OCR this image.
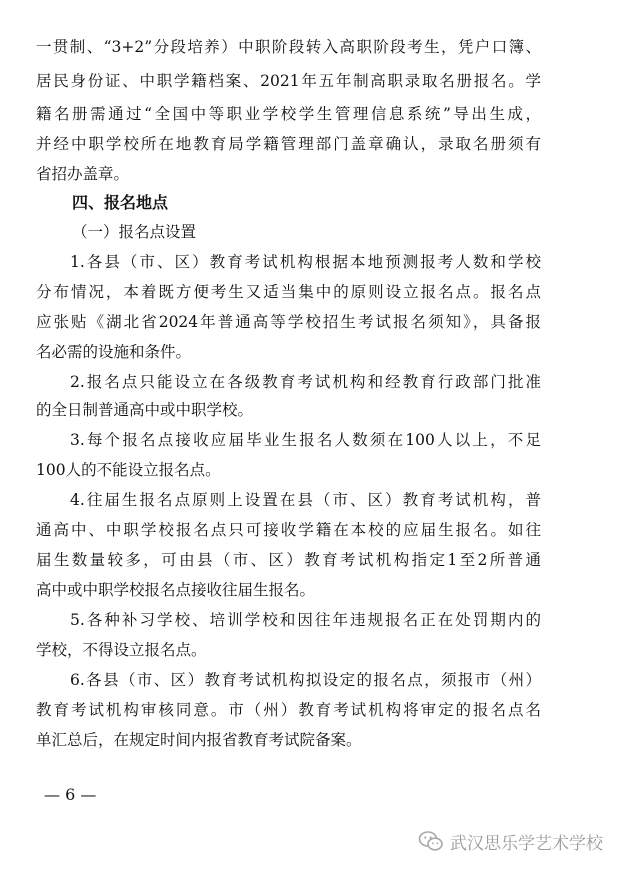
一贯制、“3+2”分段培养）中职阶段转入高职阶段考生，凭户口簿、
居民身份证、中职学籍档案、2021年五年制高职录取名册报名。学
籍名册需通过“全国中等职业学校学生管理信息系统”导出生成，
并经中职学校所在地教育局学籍管理部门盖章确认，录取名册须有
省招办盖章。
四、报名地点
（一）报名点设置
1.各县（市、区）教育考试机构根据本地预测报考人数和学校
分布情况，本着既方便考生又适当集中的原则设立报名点。报名点
应张贴《湖北省2024年普通高等学校招生考试报名须知》，具备报
名必需的设施和条件。
2.报名点只能设立在各级教育考试机构和经教育行政部门批准
的全日制普通高中或中职学校。
3.每个报名点接收应届毕业生报名人数须在100人以上，不足
100人的不能设立报名点。
4.往届生报名点原则上设置在县（市、区）教育考试机构，普
通高中、中职学校报名点只可接收学籍在本校的应届生报名。如往
届生数量较多，可由县（市、区）教育考试机构指定1至2所普通
高中或中职学校报名点接收往届生报名。
5.各种补习学校、培训学校和因往年违规报名正在处罚期内的
学校，不得设立报名点。
6.各县（市、区）教育考试机构拟设定的报名点，须报市（州）
教育考试机构审核同意。市（州）教育考试机构将审定的报名点名
单汇总后，在规定时间内报省教育考试院备案。
— 6 —
武汉思乐学艺术学校
